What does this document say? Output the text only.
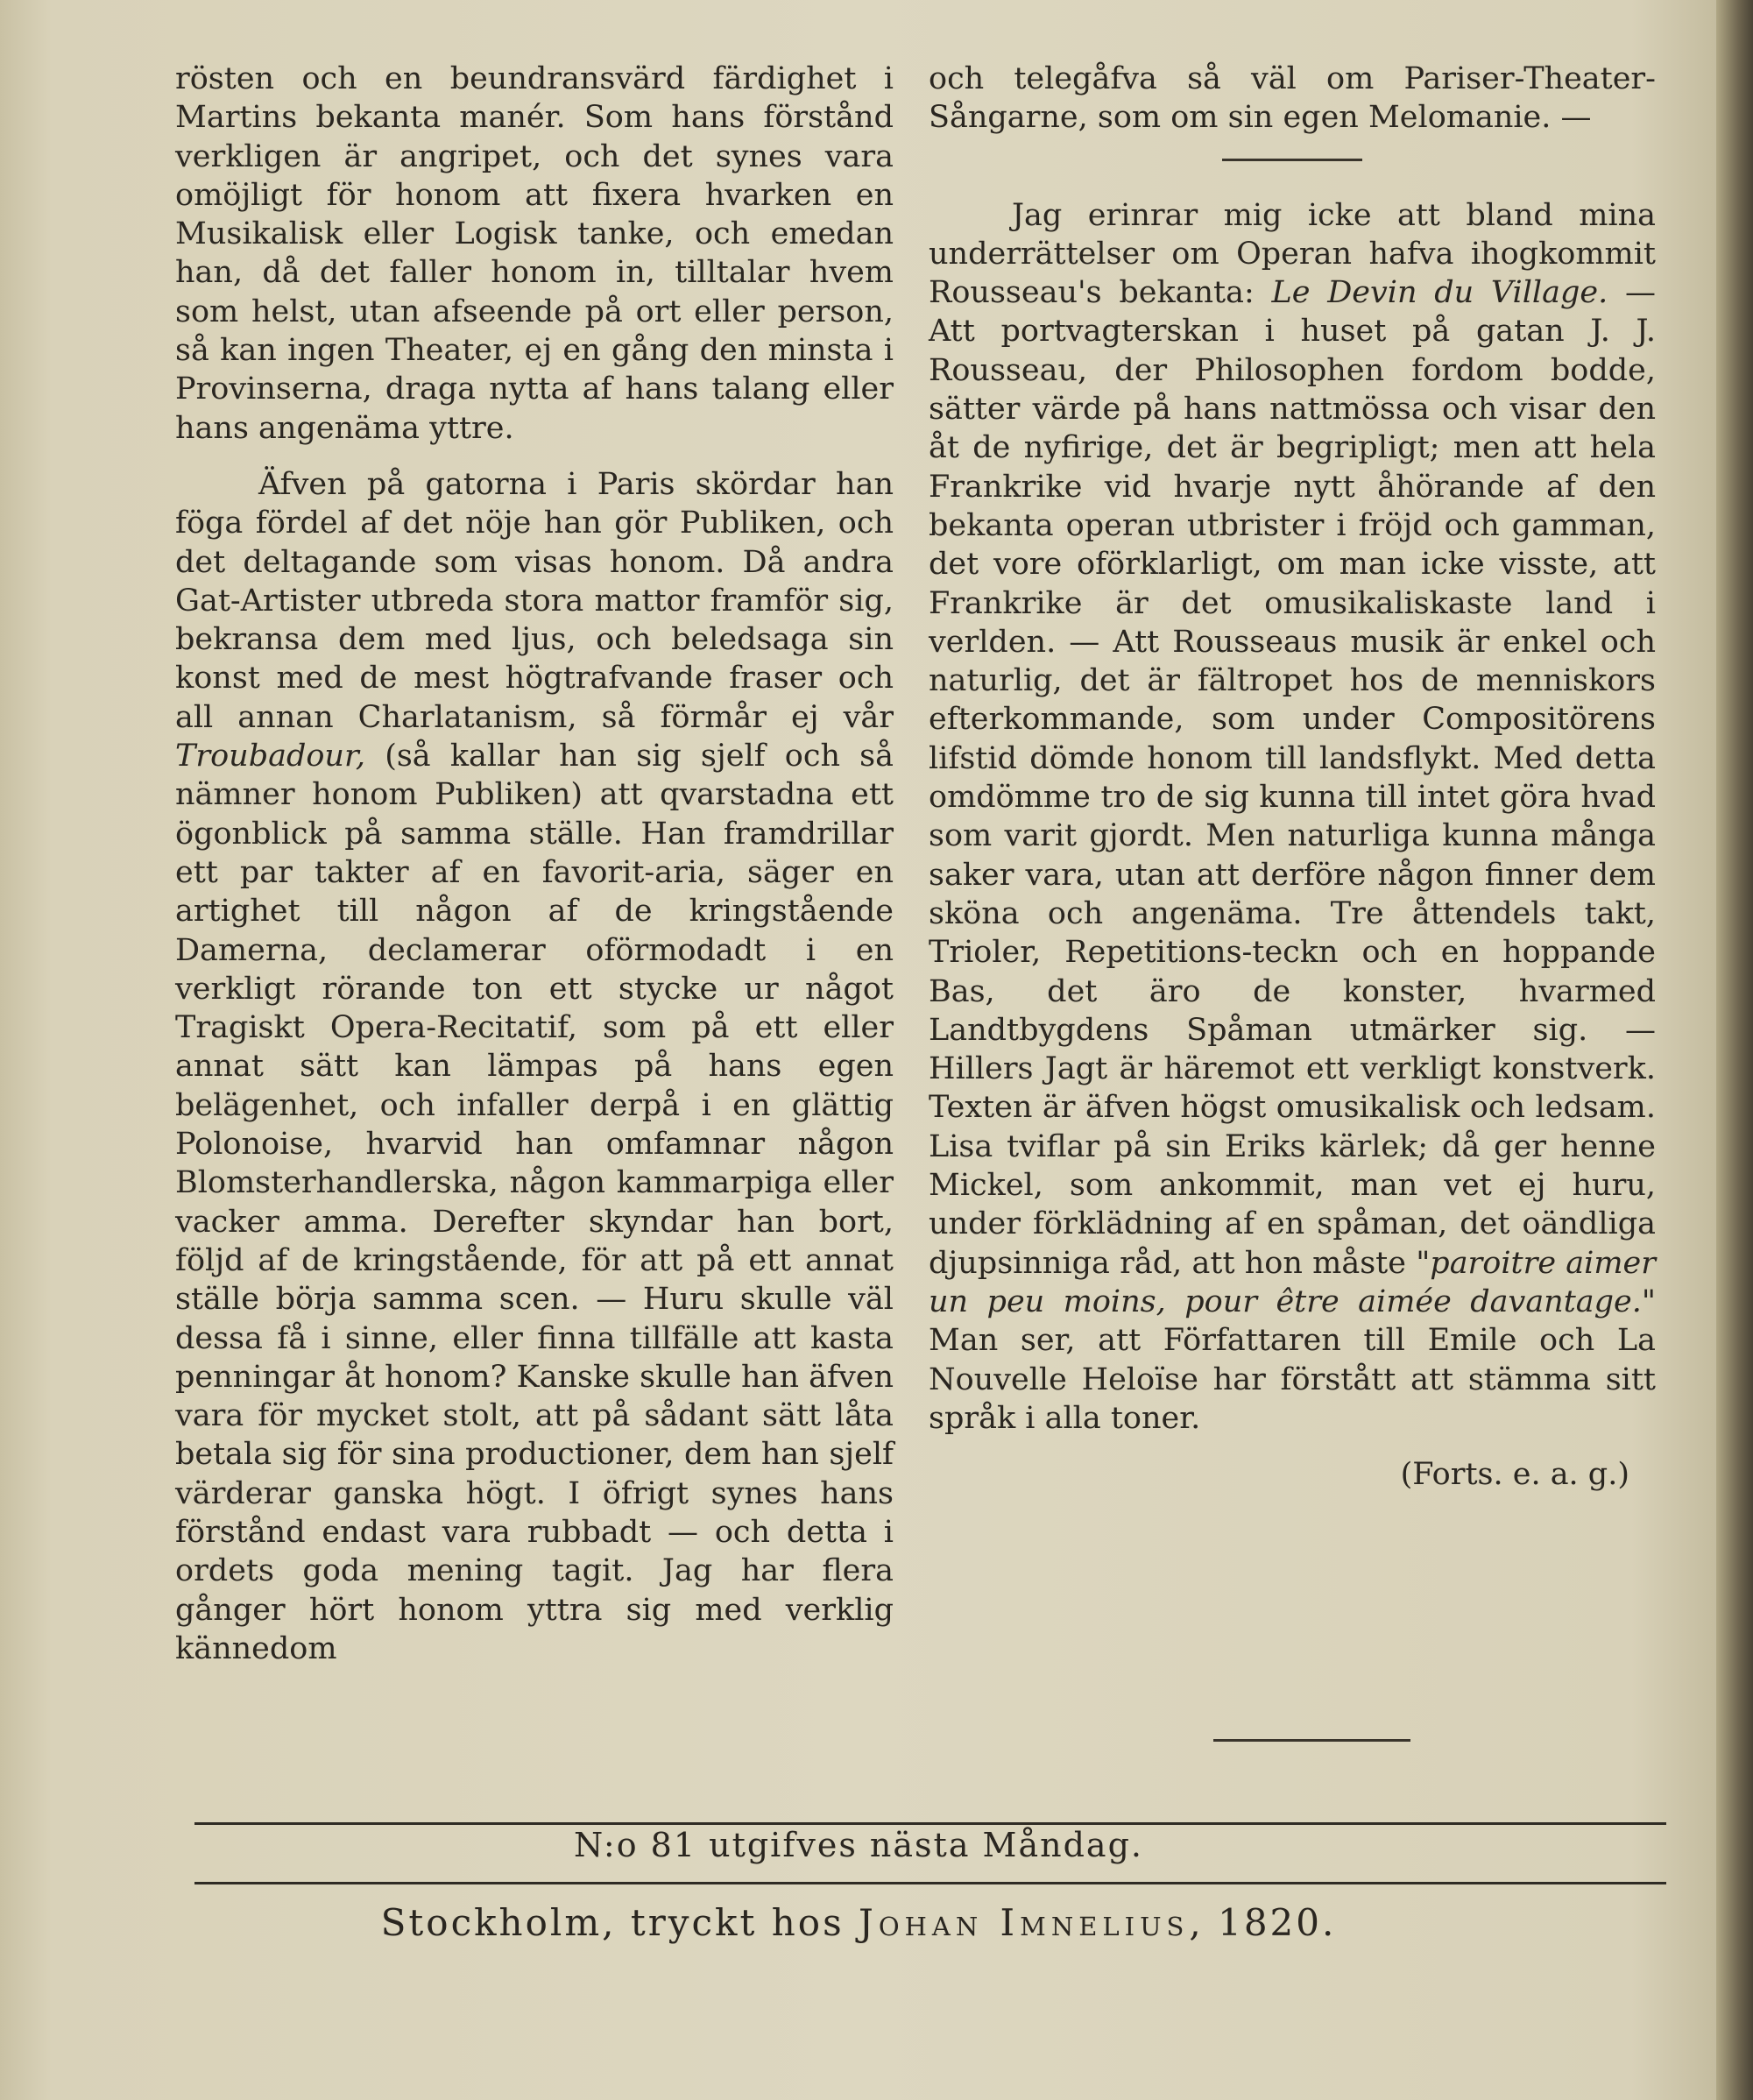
rösten och en beundransvärd färdighet i Martins bekanta manér. Som hans förstånd verkligen är angripet, och det synes vara omöjligt för honom att fixera hvarken en Musikalisk eller Logisk tanke, och emedan han, då det faller honom in, tilltalar hvem som helst, utan afseende på ort eller person, så kan ingen Theater, ej en gång den minsta i Provinserna, draga nytta af hans talang eller hans angenäma yttre.

Äfven på gatorna i Paris skördar han föga fördel af det nöje han gör Publiken, och det deltagande som visas honom. Då andra Gat-Artister utbreda stora mattor framför sig, bekransa dem med ljus, och beledsaga sin konst med de mest högtrafvande fraser och all annan Charlatanism, så förmår ej vår Troubadour, (så kallar han sig sjelf och så nämner honom Publiken) att qvarstadna ett ögonblick på samma ställe. Han framdrillar ett par takter af en favorit-aria, säger en artighet till någon af de kringstående Damerna, declamerar oförmodadt i en verkligt rörande ton ett stycke ur något Tragiskt Opera-Recitatif, som på ett eller annat sätt kan lämpas på hans egen belägenhet, och infaller derpå i en glättig Polonoise, hvarvid han omfamnar någon Blomsterhandlerska, någon kammarpiga eller vacker amma. Derefter skyndar han bort, följd af de kringstående, för att på ett annat ställe börja samma scen. — Huru skulle väl dessa få i sinne, eller finna tillfälle att kasta penningar åt honom? Kanske skulle han äfven vara för mycket stolt, att på sådant sätt låta betala sig för sina productioner, dem han sjelf värderar ganska högt. I öfrigt synes hans förstånd endast vara rubbadt — och detta i ordets goda mening tagit. Jag har flera gånger hört honom yttra sig med verklig kännedom

och telegåfva så väl om Pariser-Theater-Sångarne, som om sin egen Melomanie. —

Jag erinrar mig icke att bland mina underrättelser om Operan hafva ihogkommit Rousseau's bekanta: Le Devin du Village. — Att portvagterskan i huset på gatan J. J. Rousseau, der Philosophen fordom bodde, sätter värde på hans nattmössa och visar den åt de nyfirige, det är begripligt; men att hela Frankrike vid hvarje nytt åhörande af den bekanta operan utbrister i fröjd och gamman, det vore oförklarligt, om man icke visste, att Frankrike är det omusikaliskaste land i verlden. — Att Rousseaus musik är enkel och naturlig, det är fältropet hos de menniskors efterkommande, som under Compositörens lifstid dömde honom till landsflykt. Med detta omdömme tro de sig kunna till intet göra hvad som varit gjordt. Men naturliga kunna många saker vara, utan att derföre någon finner dem sköna och angenäma. Tre åttendels takt, Trioler, Repetitions-teckn och en hoppande Bas, det äro de konster, hvarmed Landtbygdens Spåman utmärker sig. — Hillers Jagt är häremot ett verkligt konstverk. Texten är äfven högst omusikalisk och ledsam. Lisa tviflar på sin Eriks kärlek; då ger henne Mickel, som ankommit, man vet ej huru, under förklädning af en spåman, det oändliga djupsinniga råd, att hon måste "paroitre aimer un peu moins, pour être aimée davantage." Man ser, att Författaren till Emile och La Nouvelle Heloïse har förstått att stämma sitt språk i alla toner.

(Forts. e. a. g.)

N:o 81 utgifves nästa Måndag.
Stockholm, tryckt hos Johan Imnelius, 1820.
